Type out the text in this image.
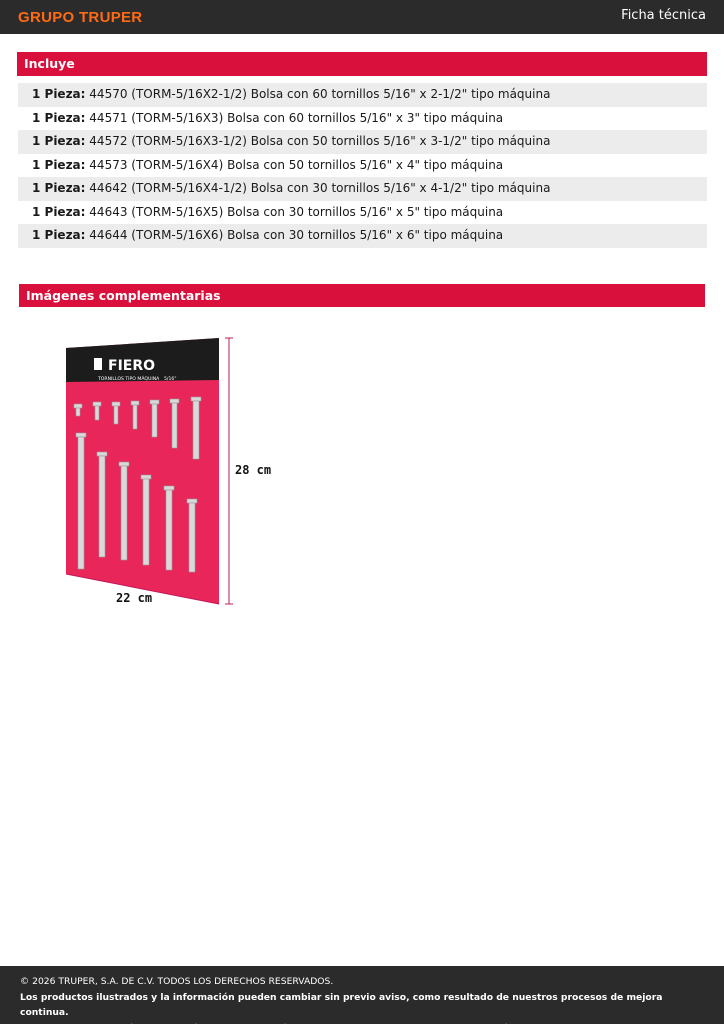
GRUPO TRUPER	Ficha técnica
Incluye
1 Pieza: 44570 (TORM-5/16X2-1/2) Bolsa con 60 tornillos 5/16" x 2-1/2" tipo máquina
1 Pieza: 44571 (TORM-5/16X3) Bolsa con 60 tornillos 5/16" x 3" tipo máquina
1 Pieza: 44572 (TORM-5/16X3-1/2) Bolsa con 50 tornillos 5/16" x 3-1/2" tipo máquina
1 Pieza: 44573 (TORM-5/16X4) Bolsa con 50 tornillos 5/16" x 4" tipo máquina
1 Pieza: 44642 (TORM-5/16X4-1/2) Bolsa con 30 tornillos 5/16" x 4-1/2" tipo máquina
1 Pieza: 44643 (TORM-5/16X5) Bolsa con 30 tornillos 5/16" x 5" tipo máquina
1 Pieza: 44644 (TORM-5/16X6) Bolsa con 30 tornillos 5/16" x 6" tipo máquina
Imágenes complementarias
FIERO
TORNILLOS TIPO MÁQUINA 5/16"
28 cm
22 cm
© 2026 TRUPER, S.A. DE C.V. TODOS LOS DERECHOS RESERVADOS.
Los productos ilustrados y la información pueden cambiar sin previo aviso, como resultado de nuestros procesos de mejora continua.
Prohibida su reproducción o divulgación total o parcial así como su uso o aprovechamiento sin autorización escrita de Truper, S.A. de C.V.
